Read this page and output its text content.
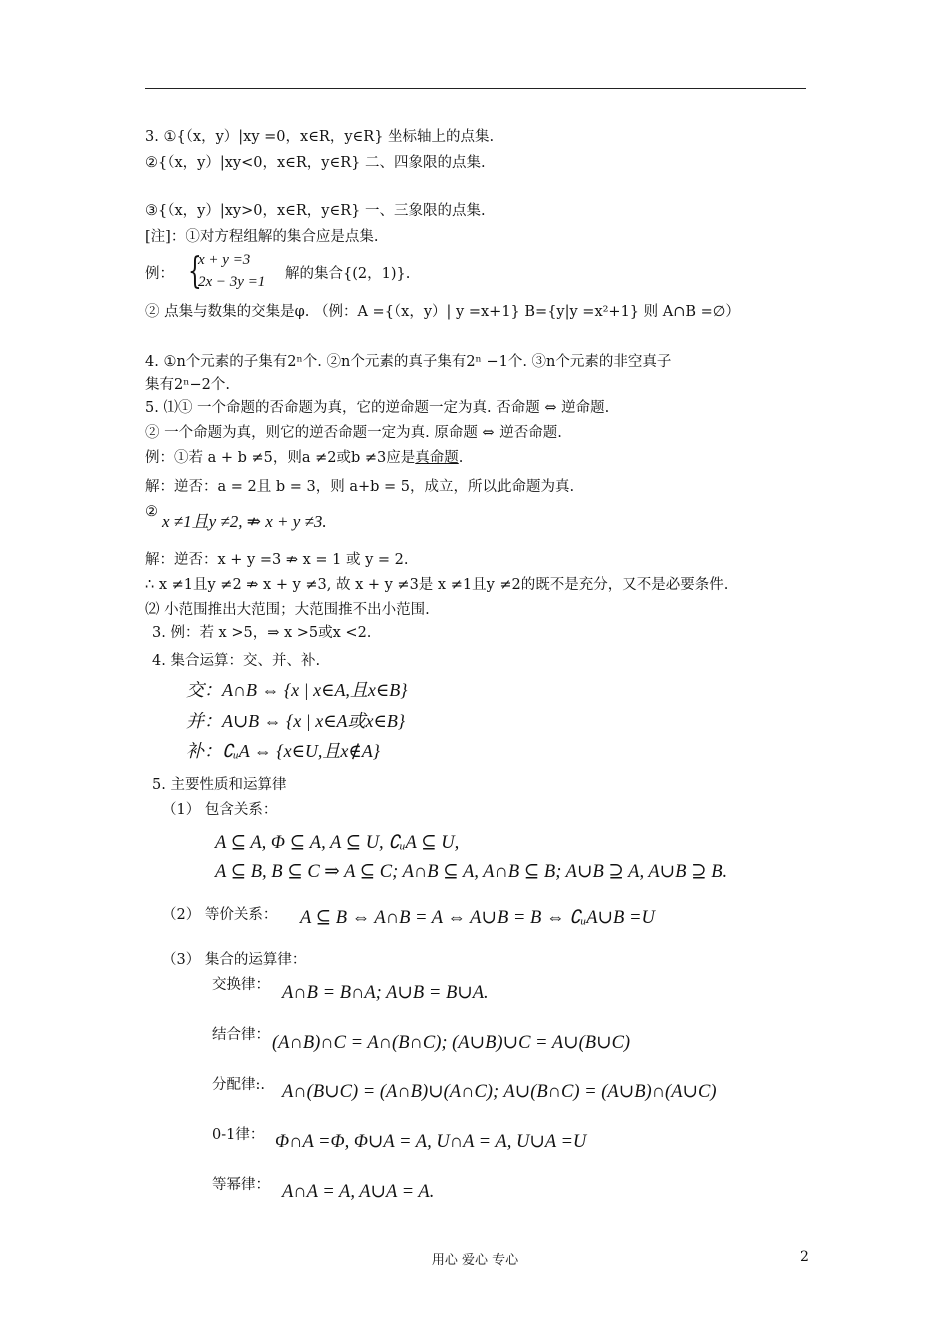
3. ①{（x，y）|xy =0，x∈R，y∈R} 坐标轴上的点集.
②{（x，y）|xy<0，x∈R，y∈R} 二、四象限的点集.
③{（x，y）|xy>0，x∈R，y∈R} 一、三象限的点集.
[注]：①对方程组解的集合应是点集.
例： {
x + y =3
2x − 3y =1 解的集合{(2，1)}.
② 点集与数集的交集是φ. （例：A ={（x，y）| y =x+1} B={y|y =x²+1} 则 A∩B =∅）
4. ①n个元素的子集有2ⁿ个. ②n个元素的真子集有2ⁿ −1个. ③n个元素的非空真子
集有2ⁿ−2个.
5. ⑴① 一个命题的否命题为真，它的逆命题一定为真. 否命题 ⇔ 逆命题.
② 一个命题为真，则它的逆否命题一定为真. 原命题 ⇔ 逆否命题.
例：①若 a + b ≠5，则a ≠2或b ≠3应是真命题.
解：逆否：a = 2且 b = 3，则 a+b = 5，成立，所以此命题为真.
② x ≠1且y ≠2, ⇏ x + y ≠3.
解：逆否：x + y =3 ⇏ x = 1 或 y = 2.
∴ x ≠1且y ≠2 ⇏ x + y ≠3, 故 x + y ≠3是 x ≠1且y ≠2的既不是充分，又不是必要条件.
⑵ 小范围推出大范围；大范围推不出小范围.
3. 例：若 x >5，⇒ x >5或x <2.
4. 集合运算：交、并、补.
交：A∩B ⇔ {x | x∈A,且x∈B}
并：A∪B ⇔ {x | x∈A或x∈B}
补：∁ᵤA ⇔ {x∈U,且x∉A}
5. 主要性质和运算律
（1） 包含关系：
A ⊆ A, Φ ⊆ A, A ⊆ U, ∁ᵤA ⊆ U,
A ⊆ B, B ⊆ C ⇒ A ⊆ C; A∩B ⊆ A, A∩B ⊆ B; A∪B ⊇ A, A∪B ⊇ B.
（2） 等价关系： A ⊆ B ⇔ A∩B = A ⇔ A∪B = B ⇔ ∁ᵤA∪B =U
（3） 集合的运算律：
交换律： A∩B = B∩A; A∪B = B∪A.
结合律： (A∩B)∩C = A∩(B∩C); (A∪B)∪C = A∪(B∪C)
分配律:. A∩(B∪C) = (A∩B)∪(A∩C); A∪(B∩C) = (A∪B)∩(A∪C)
0-1律： Φ∩A =Φ, Φ∪A = A, U∩A = A, U∪A =U
等幂律： A∩A = A, A∪A = A.
用心 爱心 专心	2
